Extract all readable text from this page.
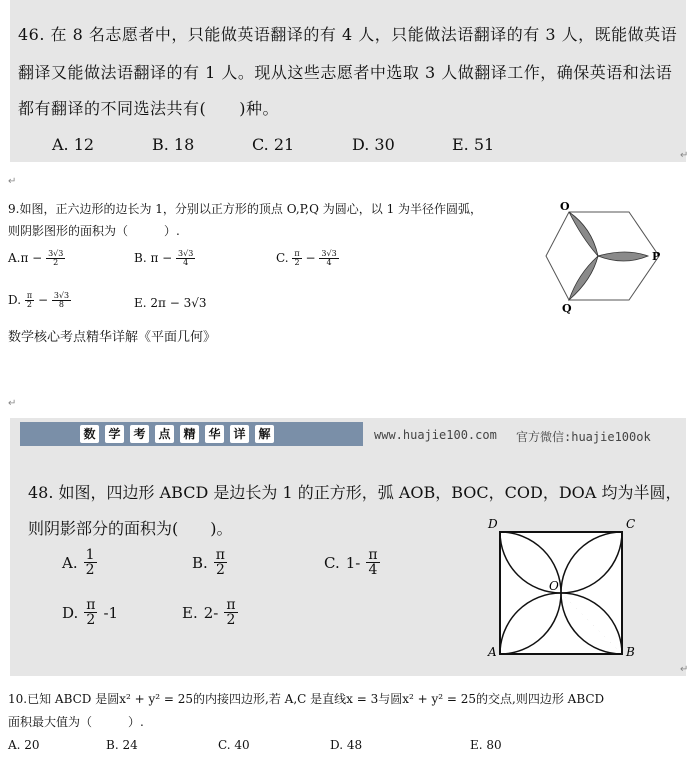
46. 在 8 名志愿者中，只能做英语翻译的有 4 人，只能做法语翻译的有 3 人，既能做英语
翻译又能做法语翻译的有 1 人。现从这些志愿者中选取 3 人做翻译工作，确保英语和法语
都有翻译的不同选法共有(　　)种。
A. 12	B. 18	C. 21	D. 30	E. 51
↵
↵
9.如图，正六边形的边长为 1，分别以正方形的顶点 O,P,Q 为圆心，以 1 为半径作圆弧，
则阴影图形的面积为（　　　）.
$A.\pi - \frac{3√3}{2}$	B. $\pi - \frac{3√3}{4}$	C. $\frac{\pi}{2} - \frac{3√3}{4}$
D. $\frac{\pi}{2} - \frac{3√3}{8}$	E. 2π − 3√3
O
P
Q
数学核心考点精华详解《平面几何》
↵
数 学 考 点 精 华 详 解	www.huajie100.com 官方微信:huajie100ok
48. 如图，四边形 ABCD 是边长为 1 的正方形，弧 AOB，BOC，COD，DOA 均为半圆，
则阴影部分的面积为(　　)。
A. $\frac{1}{2}$	B. $\frac{\pi}{2}$	C. $1- \frac{\pi}{4}$
D. $\frac{\pi}{2} -1$	E. $2- \frac{\pi}{2}$
D	C
A	B
O
↵
10.已知 ABCD 是圆x² + y² = 25的内接四边形,若 A,C 是直线x = 3与圆x² + y² = 25的交点,则四边形 ABCD
面积最大值为（　　　）.
A. 20	B. 24	C. 40	D. 48	E. 80
